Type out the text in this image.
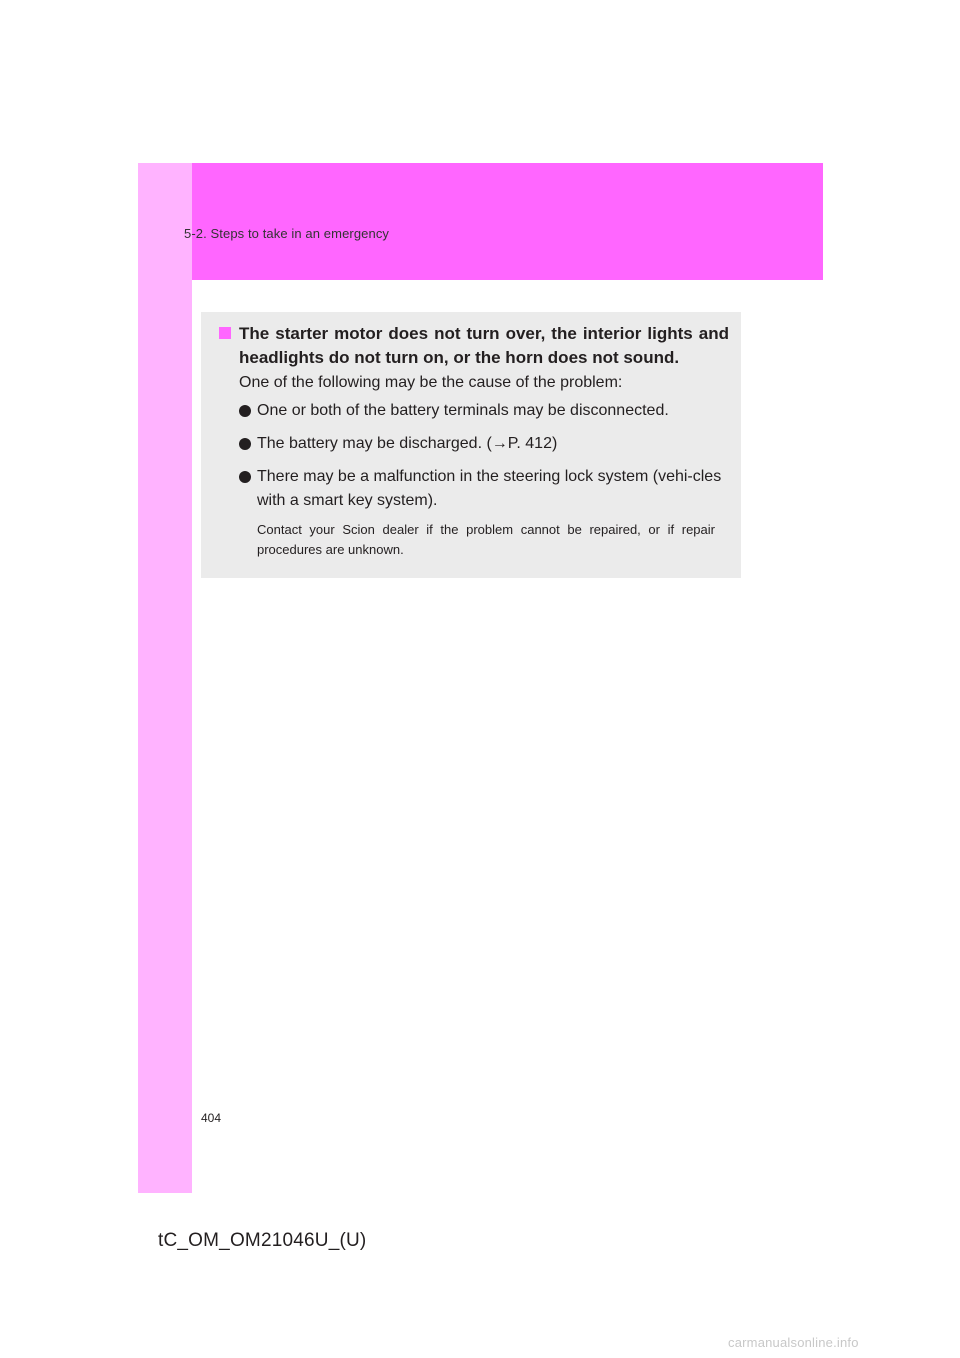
5-2. Steps to take in an emergency
The starter motor does not turn over, the interior lights and headlights do not turn on, or the horn does not sound.
One of the following may be the cause of the problem:
One or both of the battery terminals may be disconnected.
The battery may be discharged. (→P. 412)
There may be a malfunction in the steering lock system (vehi-cles with a smart key system).
Contact your Scion dealer if the problem cannot be repaired, or if repair procedures are unknown.
404
tC_OM_OM21046U_(U)
carmanualsonline.info
